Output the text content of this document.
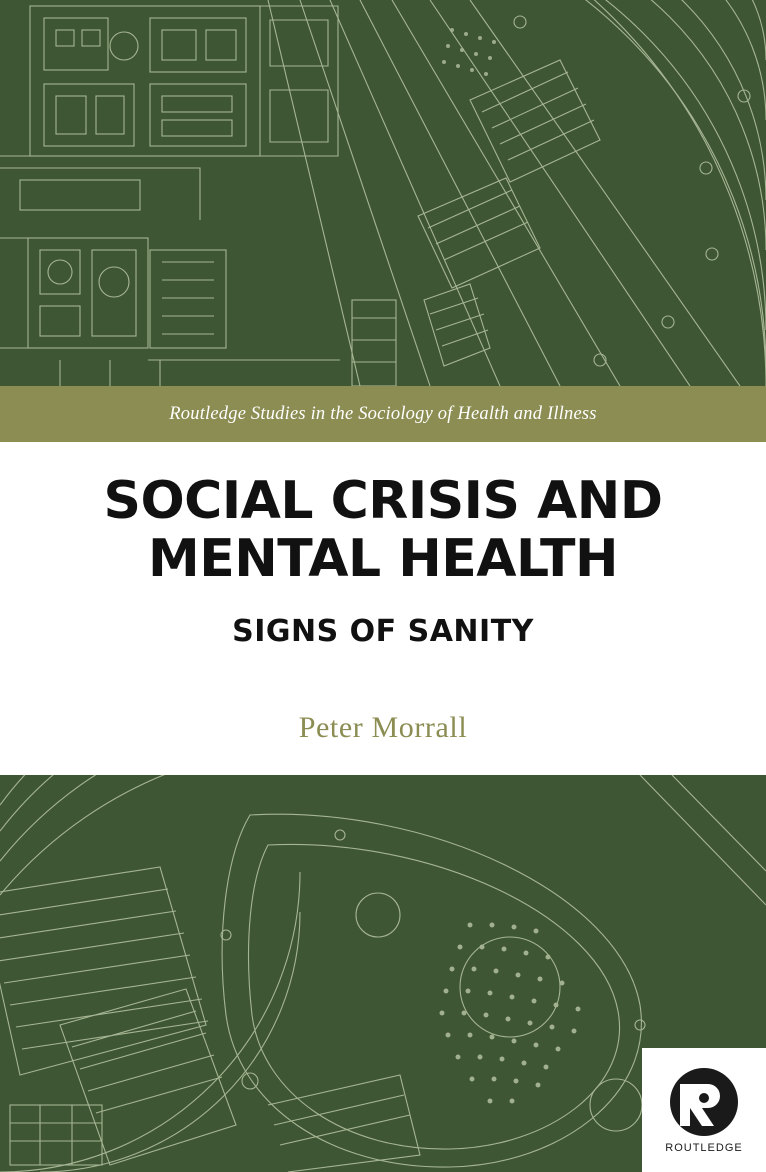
Routledge Studies in the Sociology of Health and Illness
SOCIAL CRISIS AND MENTAL HEALTH
SIGNS OF SANITY
Peter Morrall
ROUTLEDGE
